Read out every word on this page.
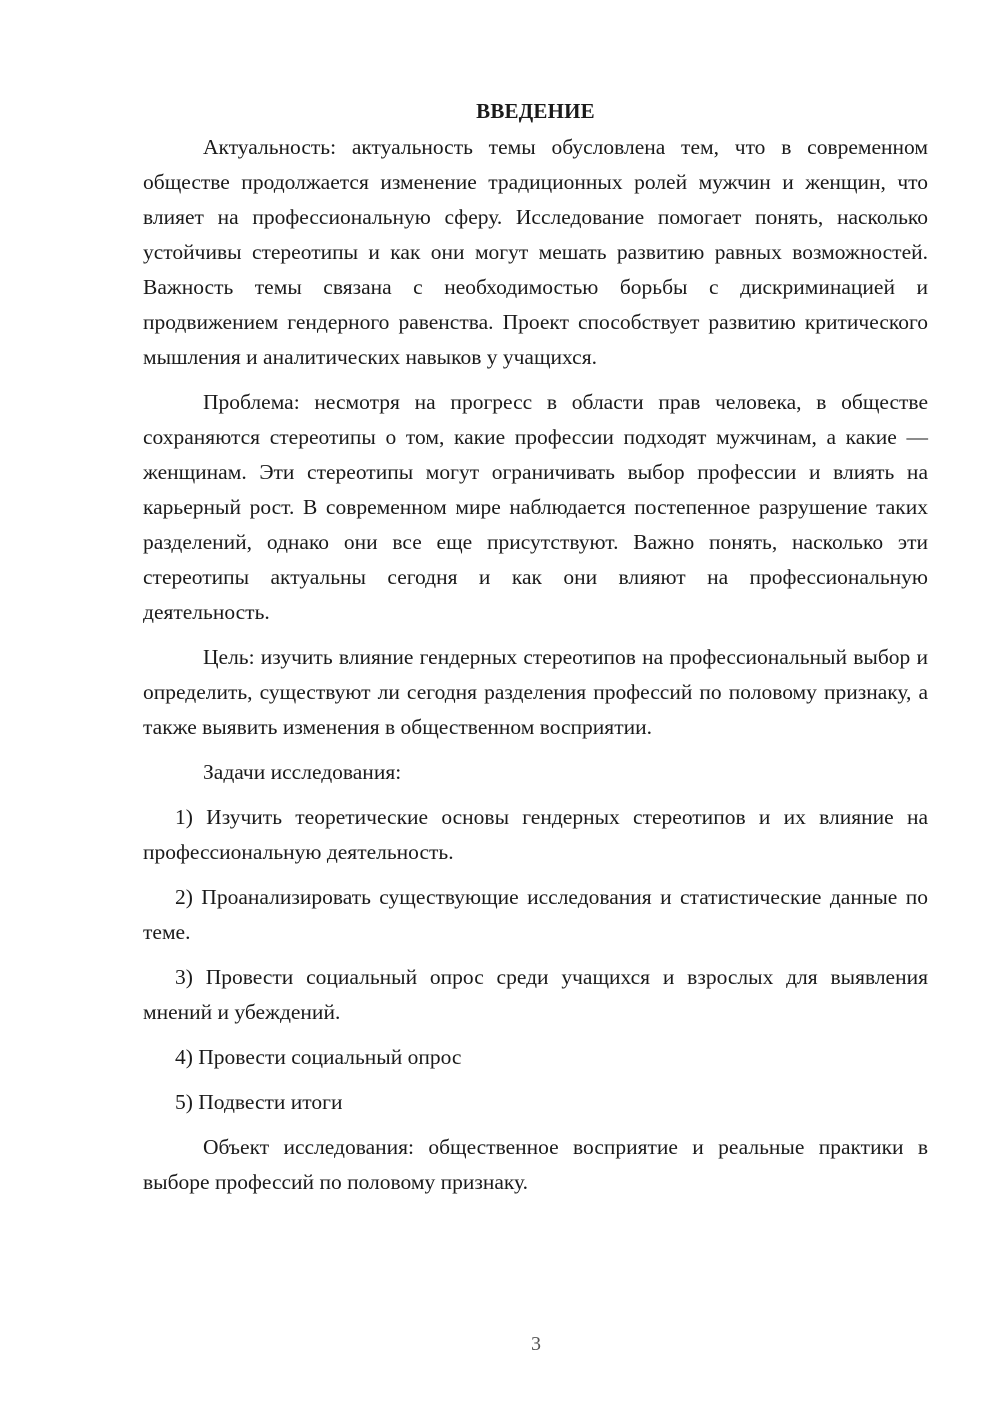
ВВЕДЕНИЕ

Актуальность: актуальность темы обусловлена тем, что в современном обществе продолжается изменение традиционных ролей мужчин и женщин, что влияет на профессиональную сферу. Исследование помогает понять, насколько устойчивы стереотипы и как они могут мешать развитию равных возможностей. Важность темы связана с необходимостью борьбы с дискриминацией и продвижением гендерного равенства. Проект способствует развитию критического мышления и аналитических навыков у учащихся.

Проблема: несмотря на прогресс в области прав человека, в обществе сохраняются стереотипы о том, какие профессии подходят мужчинам, а какие — женщинам. Эти стереотипы могут ограничивать выбор профессии и влиять на карьерный рост. В современном мире наблюдается постепенное разрушение таких разделений, однако они все еще присутствуют. Важно понять, насколько эти стереотипы актуальны сегодня и как они влияют на профессиональную деятельность.

Цель: изучить влияние гендерных стереотипов на профессиональный выбор и определить, существуют ли сегодня разделения профессий по половому признаку, а также выявить изменения в общественном восприятии.

Задачи исследования:

1) Изучить теоретические основы гендерных стереотипов и их влияние на профессиональную деятельность.

2) Проанализировать существующие исследования и статистические данные по теме.

3) Провести социальный опрос среди учащихся и взрослых для выявления мнений и убеждений.

4) Провести социальный опрос

5) Подвести итоги

Объект исследования: общественное восприятие и реальные практики в выборе профессий по половому признаку.

3
